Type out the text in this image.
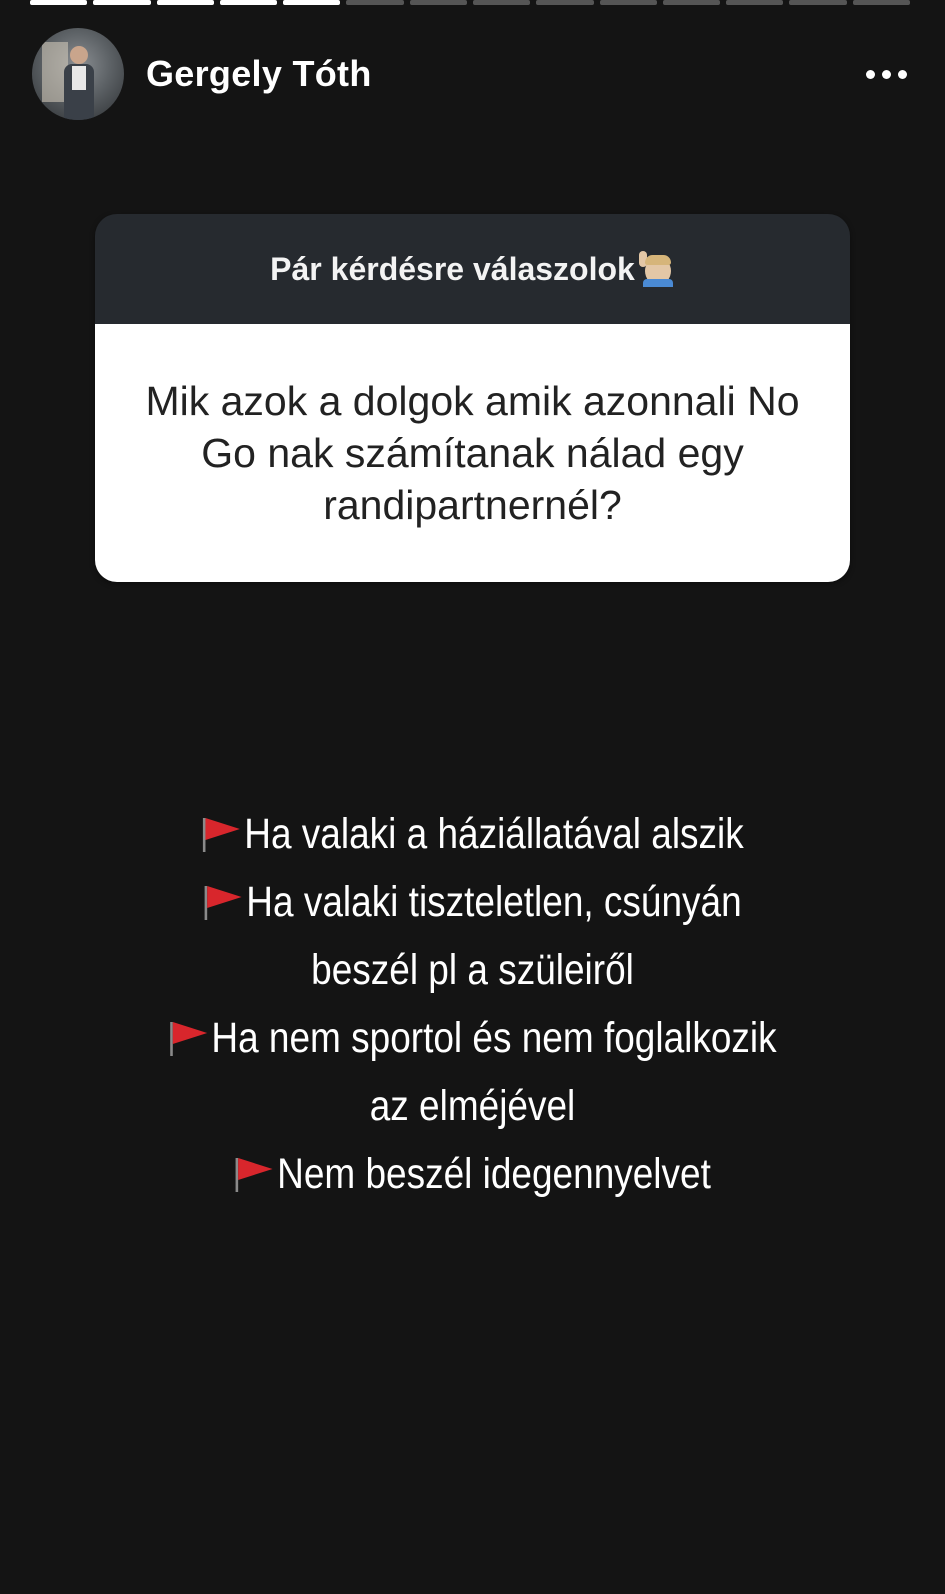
Gergely Tóth
Pár kérdésre válaszolok

Mik azok a dolgok amik azonnali No Go nak számítanak nálad egy randipartnernél?

Ha valaki a háziállatával alszik
Ha valaki tiszteletlen, csúnyán
beszél pl a szüleiről
Ha nem sportol és nem foglalkozik
az elméjével
Nem beszél idegennyelvet
